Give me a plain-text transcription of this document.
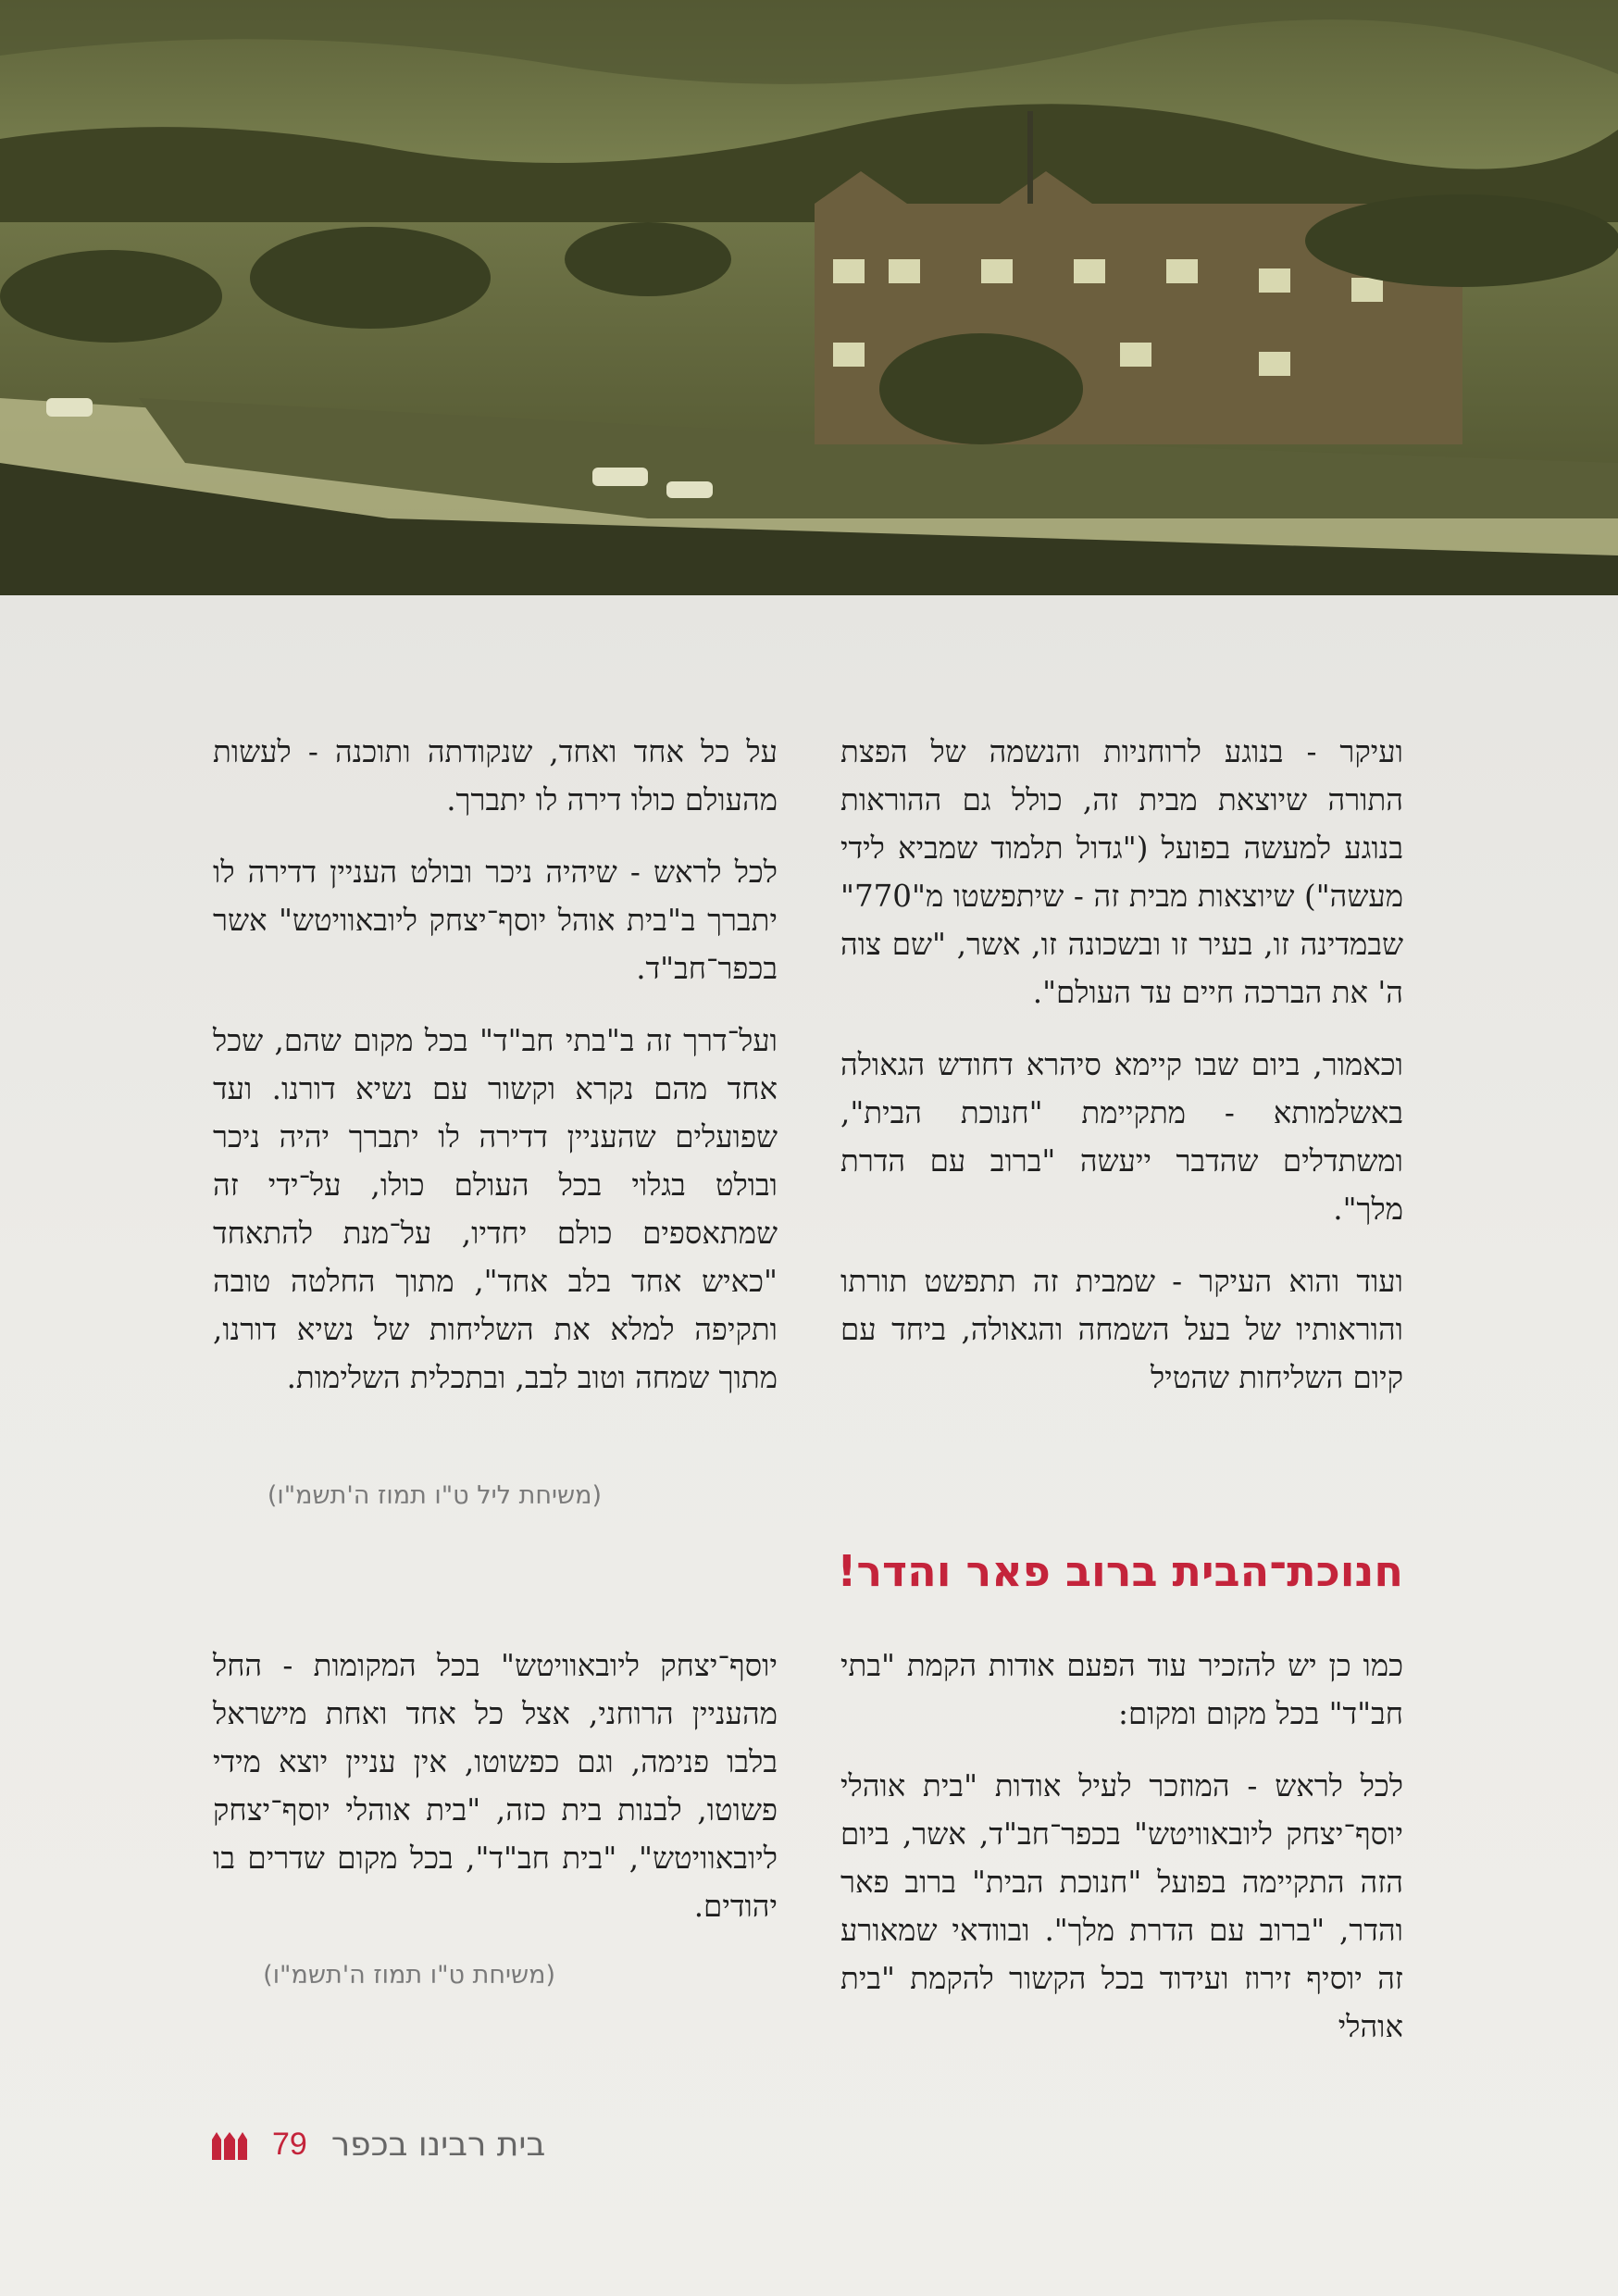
ועיקר - בנוגע לרוחניות והנשמה של הפצת התורה שיוצאת מבית זה, כולל גם ההוראות בנוגע למעשה בפועל ("גדול תלמוד שמביא לידי מעשה") שיוצאות מבית זה - שיתפשטו מ"770" שבמדינה זו, בעיר זו ובשכונה זו, אשר, "שם צוה ה' את הברכה חיים עד העולם".

וכאמור, ביום שבו קיימא סיהרא דחודש הגאולה באשלמותא - מתקיימת "חנוכת הבית", ומשתדלים שהדבר ייעשה "ברוב עם הדרת מלך".

ועוד והוא העיקר - שמבית זה תתפשט תורתו והוראותיו של בעל השמחה והגאולה, ביחד עם קיום השליחות שהטיל

על כל אחד ואחד, שנקודתה ותוכנה - לעשות מהעולם כולו דירה לו יתברך.

לכל לראש - שיהיה ניכר ובולט העניין דדירה לו יתברך ב"בית אוהל יוסף־יצחק ליובאוויטש" אשר בכפר־חב"ד.

ועל־דרך זה ב"בתי חב"ד" בכל מקום שהם, שכל אחד מהם נקרא וקשור עם נשיא דורנו. ועד שפועלים שהעניין דדירה לו יתברך יהיה ניכר ובולט בגלוי בכל העולם כולו, על־ידי זה שמתאספים כולם יחדיו, על־מנת להתאחד "כאיש אחד בלב אחד", מתוך החלטה טובה ותקיפה למלא את השליחות של נשיא דורנו, מתוך שמחה וטוב לבב, ובתכלית השלימות.

(משיחת ליל ט"ו תמוז ה'תשמ"ו)
חנוכת־הבית ברוב פאר והדר!

כמו כן יש להזכיר עוד הפעם אודות הקמת "בתי חב"ד" בכל מקום ומקום:

לכל לראש - המוזכר לעיל אודות "בית אוהלי יוסף־יצחק ליובאוויטש" בכפר־חב"ד, אשר, ביום הזה התקיימה בפועל "חנוכת הבית" ברוב פאר והדר, "ברוב עם הדרת מלך". ובוודאי שמאורע זה יוסיף זירוז ועידוד בכל הקשור להקמת "בית אוהלי

יוסף־יצחק ליובאוויטש" בכל המקומות - החל מהעניין הרוחני, אצל כל אחד ואחת מישראל בלבו פנימה, וגם כפשוטו, אין עניין יוצא מידי פשוטו, לבנות בית כזה, "בית אוהלי יוסף־יצחק ליובאוויטש", "בית חב"ד", בכל מקום שדרים בו יהודים.

(משיחת ט"ו תמוז ה'תשמ"ו)
79 בית רבינו בכפר
